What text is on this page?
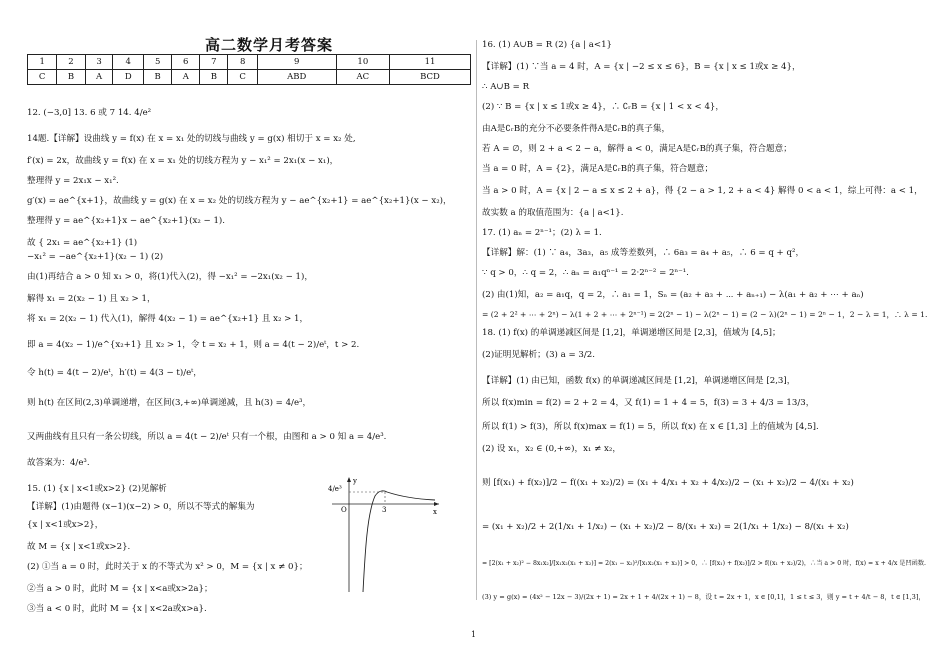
高二数学月考答案
1	2	3	4	5	6	7	8	9	10	11
C	B	A	D	B	A	B	C	ABD	AC	BCD
12. (−3,0] 13. 6 或 7 14. 4/e²
14题.【详解】设曲线 y = f(x) 在 x = x₁ 处的切线与曲线 y = g(x) 相切于 x = x₂ 处,
f′(x) = 2x，故曲线 y = f(x) 在 x = x₁ 处的切线方程为 y − x₁² = 2x₁(x − x₁)，
整理得 y = 2x₁x − x₁².
g′(x) = ae^{x+1}，故曲线 y = g(x) 在 x = x₂ 处的切线方程为 y − ae^{x₂+1} = ae^{x₂+1}(x − x₂)，
整理得 y = ae^{x₂+1}x − ae^{x₂+1}(x₂ − 1).
故 { 2x₁ = ae^{x₂+1} (1)
−x₁² = −ae^{x₂+1}(x₂ − 1) (2)
由(1)再结合 a > 0 知 x₁ > 0，将(1)代入(2)，得 −x₁² = −2x₁(x₂ − 1)，
解得 x₁ = 2(x₂ − 1) 且 x₂ > 1，
将 x₁ = 2(x₂ − 1) 代入(1)，解得 4(x₂ − 1) = ae^{x₂+1} 且 x₂ > 1，
即 a = 4(x₂ − 1)/e^{x₂+1} 且 x₂ > 1，令 t = x₂ + 1，则 a = 4(t − 2)/eᵗ，t > 2.
令 h(t) = 4(t − 2)/eᵗ，h′(t) = 4(3 − t)/eᵗ，
则 h(t) 在区间(2,3)单调递增，在区间(3,+∞)单调递减，且 h(3) = 4/e³，
又两曲线有且只有一条公切线，所以 a = 4(t − 2)/eᵗ 只有一个根，由图和 a > 0 知 a = 4/e³.
故答案为：4/e³.
15. (1) {x | x<1或x>2} (2)见解析
【详解】(1)由题得 (x−1)(x−2) > 0，所以不等式的解集为
{x | x<1或x>2}，
故 M = {x | x<1或x>2}.
(2) ①当 a = 0 时，此时关于 x 的不等式为 x² > 0，M = {x | x ≠ 0}；
②当 a > 0 时，此时 M = {x | x<a或x>2a}；
③当 a < 0 时，此时 M = {x | x<2a或x>a}.
4/e³
O	3	x
y
16. (1) A∪B = R (2) {a | a<1}
【详解】(1) ∵当 a = 4 时，A = {x | −2 ≤ x ≤ 6}，B = {x | x ≤ 1或x ≥ 4}，
∴ A∪B = R
(2) ∵ B = {x | x ≤ 1或x ≥ 4}，∴ ∁ᵣB = {x | 1 < x < 4}，
由A是∁ᵣB的充分不必要条件得A是∁ᵣB的真子集，
若 A = ∅，则 2 + a < 2 − a，解得 a < 0，满足A是∁ᵣB的真子集，符合题意；
当 a = 0 时，A = {2}，满足A是∁ᵣB的真子集，符合题意；
当 a > 0 时，A = {x | 2 − a ≤ x ≤ 2 + a}，得 {2 − a > 1, 2 + a < 4} 解得 0 < a < 1，综上可得：a < 1，
故实数 a 的取值范围为：{a | a<1}.
17. (1) aₙ = 2ⁿ⁻¹；(2) λ = 1.
【详解】解：(1) ∵ a₄，3a₃，a₅ 成等差数列，∴ 6a₃ = a₄ + a₅，∴ 6 = q + q²，
∵ q > 0，∴ q = 2，∴ aₙ = a₁qⁿ⁻¹ = 2·2ⁿ⁻² = 2ⁿ⁻¹.
(2) 由(1)知，a₂ = a₁q，q = 2，∴ a₁ = 1，Sₙ = (a₂ + a₃ + ⋯ + aₙ₊₁) − λ(a₁ + a₂ + ⋯ + aₙ)
= (2 + 2² + ⋯ + 2ⁿ) − λ(1 + 2 + ⋯ + 2ⁿ⁻¹) = 2(2ⁿ − 1) − λ(2ⁿ − 1) = (2 − λ)(2ⁿ − 1) = 2ⁿ − 1，2 − λ = 1，∴ λ = 1.
18. (1) f(x) 的单调递减区间是 [1,2]，单调递增区间是 [2,3]，值域为 [4,5]；
(2)证明见解析；(3) a = 3/2.
【详解】(1) 由已知，函数 f(x) 的单调递减区间是 [1,2]，单调递增区间是 [2,3]，
所以 f(x)min = f(2) = 2 + 2 = 4，又 f(1) = 1 + 4 = 5，f(3) = 3 + 4/3 = 13/3，
所以 f(1) > f(3)，所以 f(x)max = f(1) = 5，所以 f(x) 在 x ∈ [1,3] 上的值域为 [4,5].
(2) 设 x₁，x₂ ∈ (0,+∞)，x₁ ≠ x₂，
则 [f(x₁) + f(x₂)]/2 − f((x₁ + x₂)/2) = (x₁ + 4/x₁ + x₂ + 4/x₂)/2 − (x₁ + x₂)/2 − 4/(x₁ + x₂)
= (x₁ + x₂)/2 + 2(1/x₁ + 1/x₂) − (x₁ + x₂)/2 − 8/(x₁ + x₂) = 2(1/x₁ + 1/x₂) − 8/(x₁ + x₂)
= [2(x₁ + x₂)² − 8x₁x₂]/[x₁x₂(x₁ + x₂)] = 2(x₁ − x₂)²/[x₁x₂(x₁ + x₂)] > 0，∴ [f(x₁) + f(x₂)]/2 > f((x₁ + x₂)/2)，∴当 a > 0 时，f(x) = x + 4/x 是凹函数.
(3) y = g(x) = (4x² − 12x − 3)/(2x + 1) = 2x + 1 + 4/(2x + 1) − 8，设 t = 2x + 1，x ∈ [0,1]，1 ≤ t ≤ 3，则 y = t + 4/t − 8，t ∈ [1,3]，
1
